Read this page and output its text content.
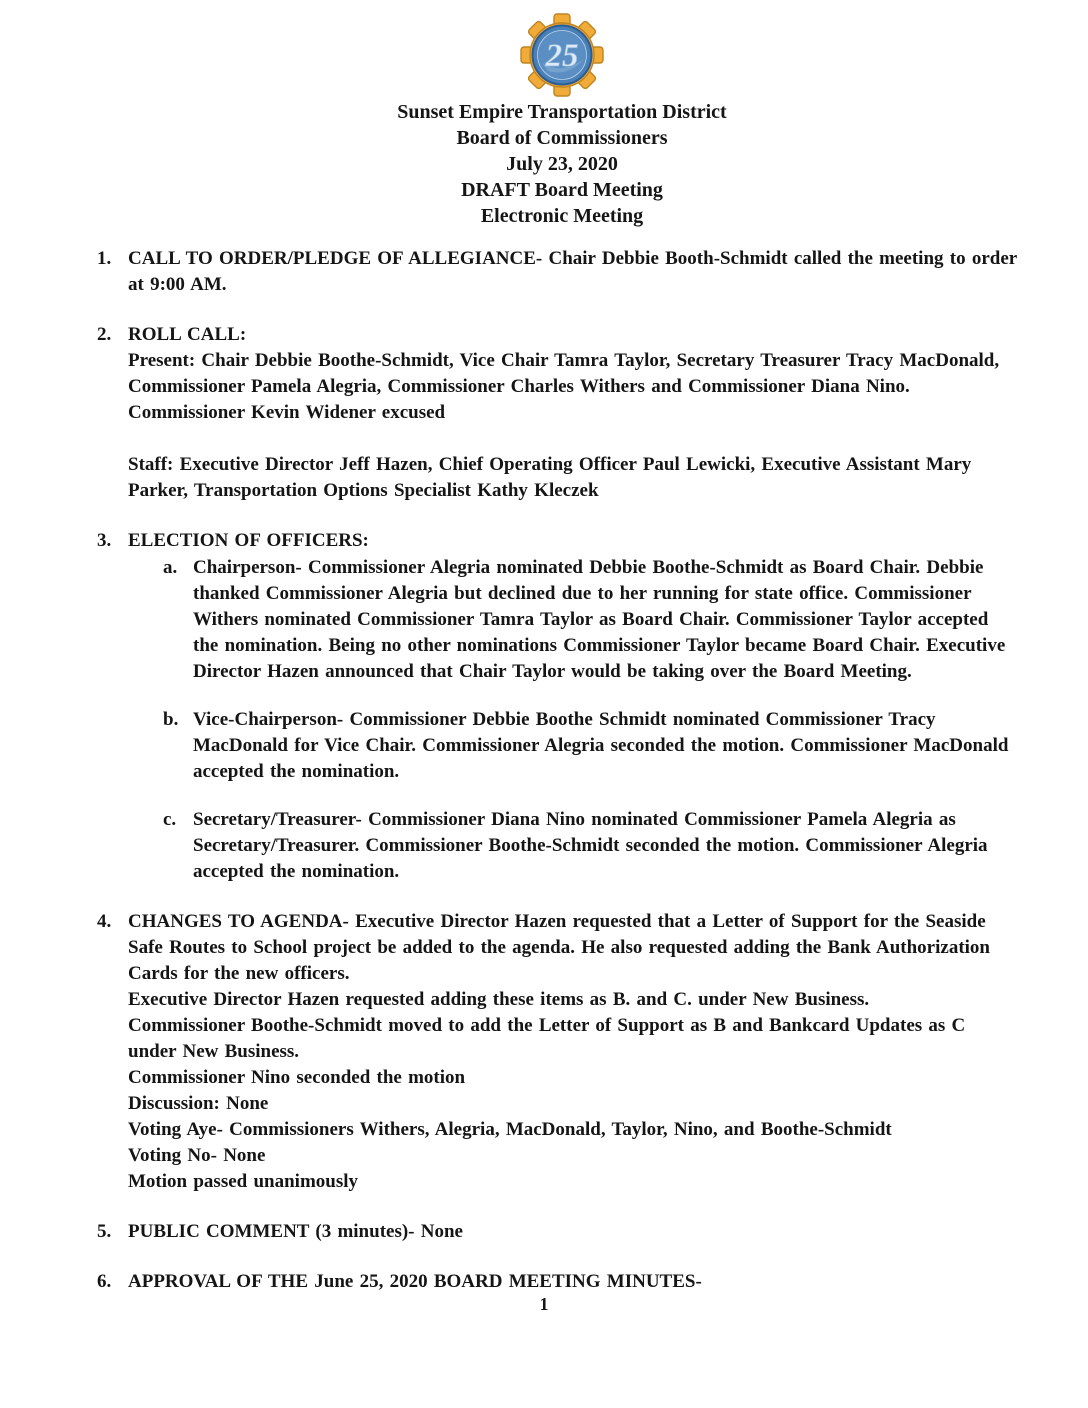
25
Sunset Empire Transportation District
Board of Commissioners
July 23, 2020
DRAFT Board Meeting
Electronic Meeting
1. CALL TO ORDER/PLEDGE OF ALLEGIANCE- Chair Debbie Booth-Schmidt called the meeting to order at 9:00 AM.

2. ROLL CALL:

Present: Chair Debbie Boothe-Schmidt, Vice Chair Tamra Taylor, Secretary Treasurer Tracy MacDonald, Commissioner Pamela Alegria, Commissioner Charles Withers and Commissioner Diana Nino. Commissioner Kevin Widener excused

Staff: Executive Director Jeff Hazen, Chief Operating Officer Paul Lewicki, Executive Assistant Mary Parker, Transportation Options Specialist Kathy Kleczek

3. ELECTION OF OFFICERS:

a. Chairperson- Commissioner Alegria nominated Debbie Boothe-Schmidt as Board Chair. Debbie thanked Commissioner Alegria but declined due to her running for state office. Commissioner Withers nominated Commissioner Tamra Taylor as Board Chair. Commissioner Taylor accepted the nomination. Being no other nominations Commissioner Taylor became Board Chair. Executive Director Hazen announced that Chair Taylor would be taking over the Board Meeting.
b. Vice-Chairperson- Commissioner Debbie Boothe Schmidt nominated Commissioner Tracy MacDonald for Vice Chair. Commissioner Alegria seconded the motion. Commissioner MacDonald accepted the nomination.
c. Secretary/Treasurer- Commissioner Diana Nino nominated Commissioner Pamela Alegria as Secretary/Treasurer. Commissioner Boothe-Schmidt seconded the motion. Commissioner Alegria accepted the nomination.
4. CHANGES TO AGENDA- Executive Director Hazen requested that a Letter of Support for the Seaside Safe Routes to School project be added to the agenda. He also requested adding the Bank Authorization Cards for the new officers.

Executive Director Hazen requested adding these items as B. and C. under New Business.

Commissioner Boothe-Schmidt moved to add the Letter of Support as B and Bankcard Updates as C under New Business.

Commissioner Nino seconded the motion

Discussion: None

Voting Aye- Commissioners Withers, Alegria, MacDonald, Taylor, Nino, and Boothe-Schmidt

Voting No- None

Motion passed unanimously

5. PUBLIC COMMENT (3 minutes)- None

6. APPROVAL OF THE June 25, 2020 BOARD MEETING MINUTES-

1
